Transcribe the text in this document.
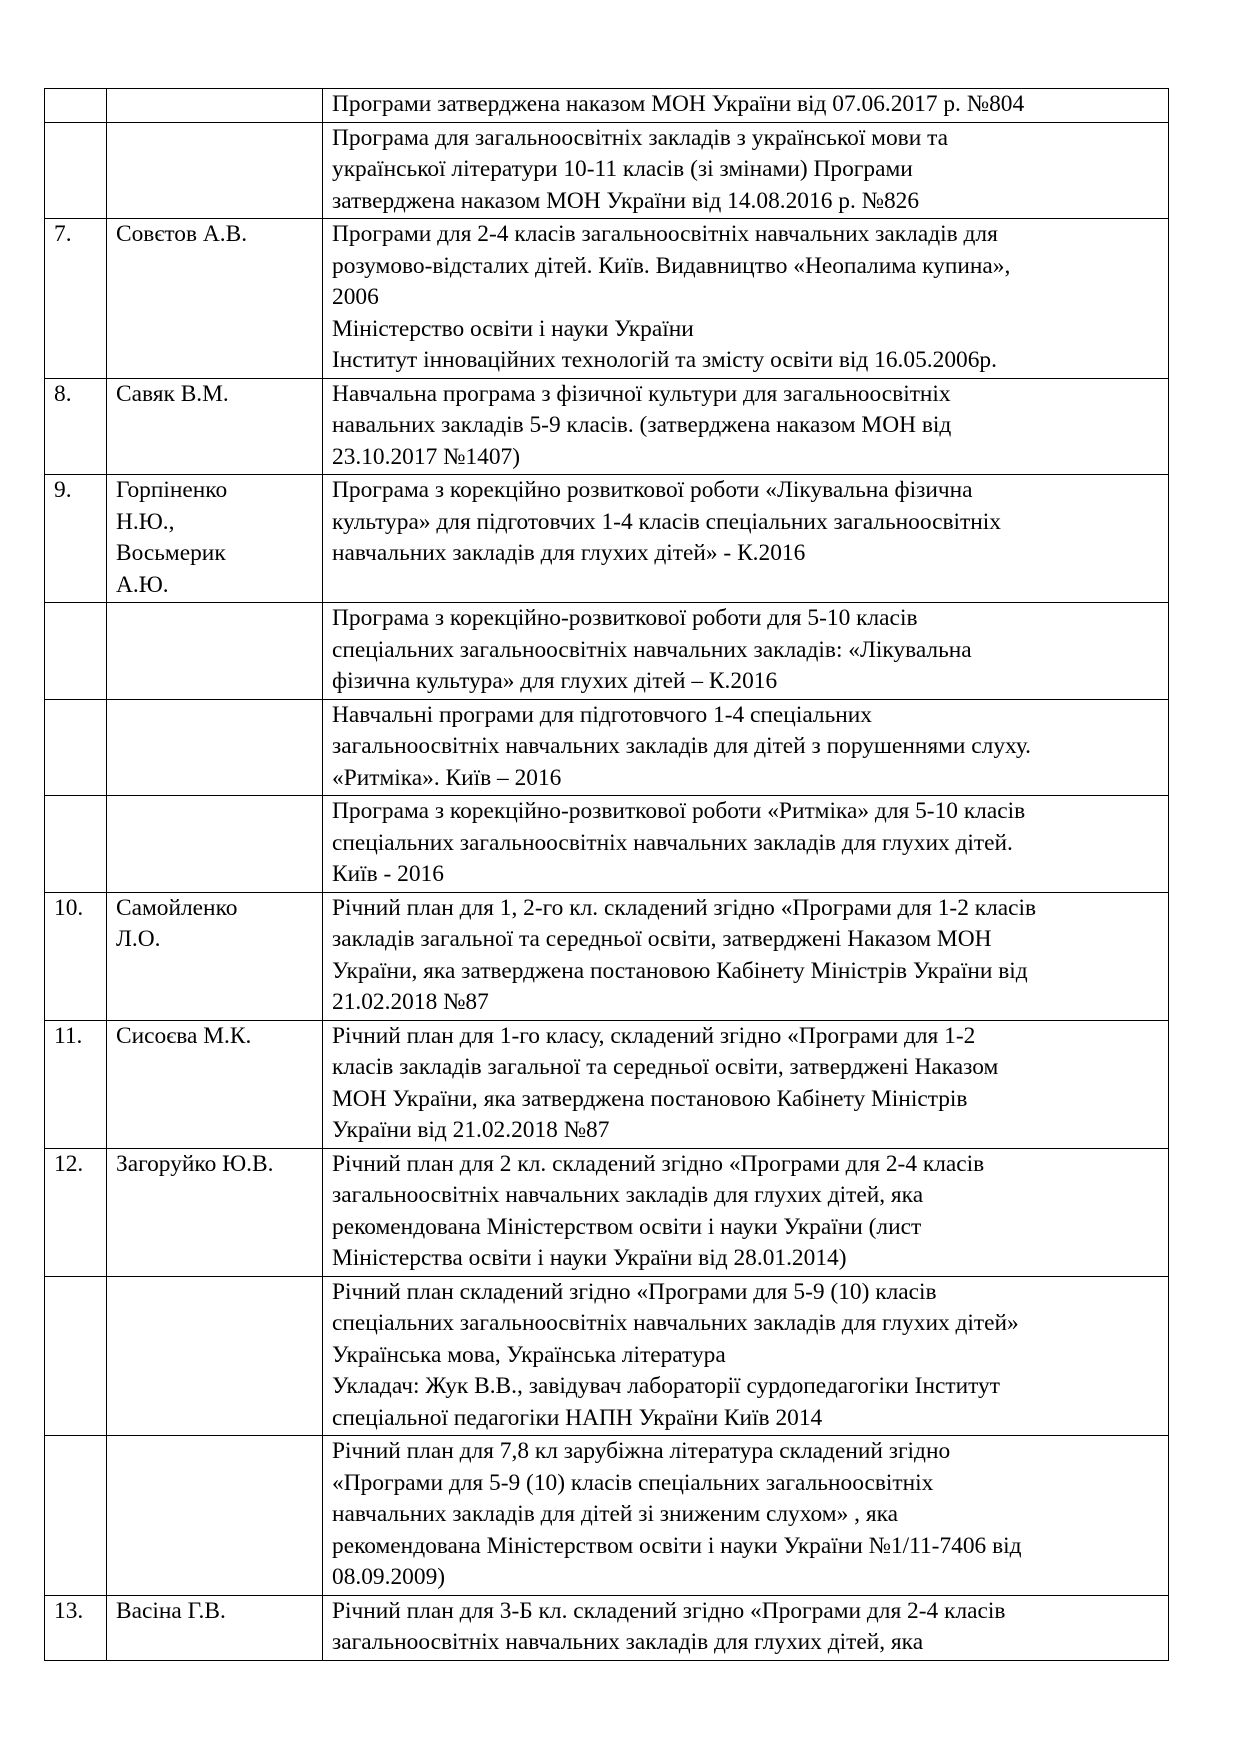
		Програми затверджена наказом МОН України від 07.06.2017 р. №804

		Програма для загальноосвітніх закладів з української мови та
української літератури 10-11 класів (зі змінами) Програми
затверджена наказом МОН України від 14.08.2016 р. №826

7.	Совєтов А.В.	Програми для 2-4 класів загальноосвітніх навчальних закладів для
розумово-відсталих дітей. Київ. Видавництво «Неопалима купина»,
2006
Міністерство освіти і науки України
Інститут інноваційних технологій та змісту освіти від 16.05.2006р.

8.	Савяк В.М.	Навчальна програма з фізичної культури для загальноосвітніх
навальних закладів 5-9 класів. (затверджена наказом МОН від
23.10.2017 №1407)

9.	Горпіненко
Н.Ю.,
Восьмерик
А.Ю.	Програма з корекційно розвиткової роботи «Лікувальна фізична
культура» для підготовчих 1-4 класів спеціальних загальноосвітніх
навчальних закладів для глухих дітей» - К.2016

		Програма з корекційно-розвиткової роботи для 5-10 класів
спеціальних загальноосвітніх навчальних закладів: «Лікувальна
фізична культура» для глухих дітей – К.2016

		Навчальні програми для підготовчого 1-4 спеціальних
загальноосвітніх навчальних закладів для дітей з порушеннями слуху.
«Ритміка». Київ – 2016

		Програма з корекційно-розвиткової роботи «Ритміка» для 5-10 класів
спеціальних загальноосвітніх навчальних закладів для глухих дітей.
Київ - 2016

10.	Самойленко
Л.О.	Річний план для 1, 2-го кл. складений згідно «Програми для 1-2 класів
закладів загальної та середньої освіти, затверджені Наказом МОН
України, яка затверджена постановою Кабінету Міністрів України від
21.02.2018 №87

11.	Сисоєва М.К.	Річний план для 1-го класу, складений згідно «Програми для 1-2
класів закладів загальної та середньої освіти, затверджені Наказом
МОН України, яка затверджена постановою Кабінету Міністрів
України від 21.02.2018 №87

12.	Загоруйко Ю.В.	Річний план для 2 кл. складений згідно «Програми для 2-4 класів
загальноосвітніх навчальних закладів для глухих дітей, яка
рекомендована Міністерством освіти і науки України (лист
Міністерства освіти і науки України від 28.01.2014)

		Річний план складений згідно «Програми для 5-9 (10) класів
спеціальних загальноосвітніх навчальних закладів для глухих дітей»
Українська мова, Українська література
Укладач: Жук В.В., завідувач лабораторії сурдопедагогіки Інститут
спеціальної педагогіки НАПН України Київ 2014

		Річний план для 7,8 кл зарубіжна література складений згідно
«Програми для 5-9 (10) класів спеціальних загальноосвітніх
навчальних закладів для дітей зі зниженим слухом» , яка
рекомендована Міністерством освіти і науки України №1/11-7406 від
08.09.2009)

13.	Васіна Г.В.	Річний план для 3-Б кл. складений згідно «Програми для 2-4 класів
загальноосвітніх навчальних закладів для глухих дітей, яка
